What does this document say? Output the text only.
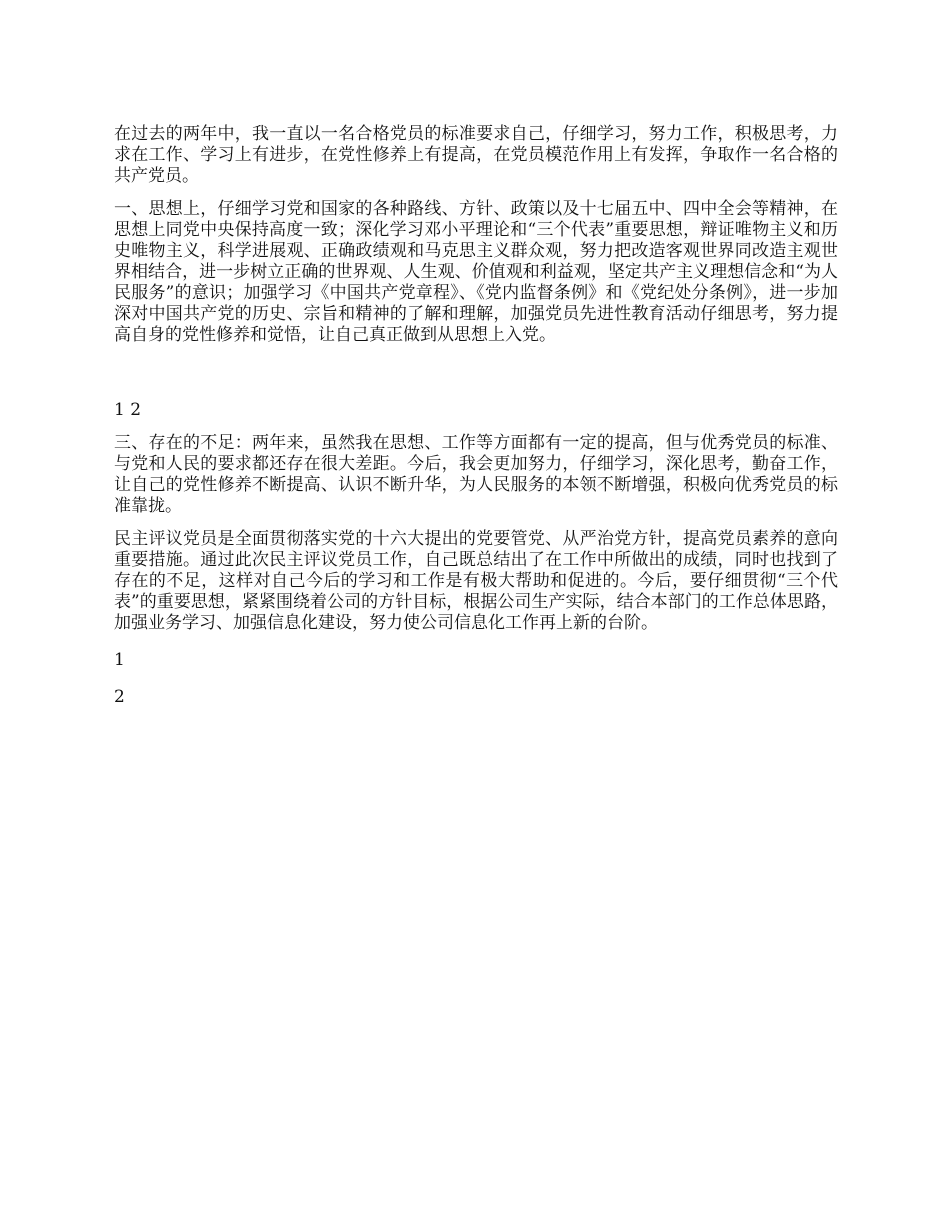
在过去的两年中，我一直以一名合格党员的标准要求自己，仔细学习，努力工作，积极思考，力求在工作、学习上有进步，在党性修养上有提高，在党员模范作用上有发挥，争取作一名合格的共产党员。

一、思想上，仔细学习党和国家的各种路线、方针、政策以及十七届五中、四中全会等精神，在思想上同党中央保持高度一致；深化学习邓小平理论和“三个代表”重要思想，辩证唯物主义和历史唯物主义，科学进展观、正确政绩观和马克思主义群众观，努力把改造客观世界同改造主观世界相结合，进一步树立正确的世界观、人生观、价值观和利益观，坚定共产主义理想信念和“为人民服务”的意识；加强学习《中国共产党章程》、《党内监督条例》和《党纪处分条例》，进一步加深对中国共产党的历史、宗旨和精神的了解和理解，加强党员先进性教育活动仔细思考，努力提高自身的党性修养和觉悟，让自己真正做到从思想上入党。

1 2

三、存在的不足：两年来，虽然我在思想、工作等方面都有一定的提高，但与优秀党员的标准、与党和人民的要求都还存在很大差距。今后，我会更加努力，仔细学习，深化思考，勤奋工作，让自己的党性修养不断提高、认识不断升华，为人民服务的本领不断增强，积极向优秀党员的标准靠拢。

民主评议党员是全面贯彻落实党的十六大提出的党要管党、从严治党方针，提高党员素养的意向重要措施。通过此次民主评议党员工作，自己既总结出了在工作中所做出的成绩，同时也找到了存在的不足，这样对自己今后的学习和工作是有极大帮助和促进的。今后，要仔细贯彻“三个代表”的重要思想，紧紧围绕着公司的方针目标，根据公司生产实际，结合本部门的工作总体思路，加强业务学习、加强信息化建设，努力使公司信息化工作再上新的台阶。

1

2
